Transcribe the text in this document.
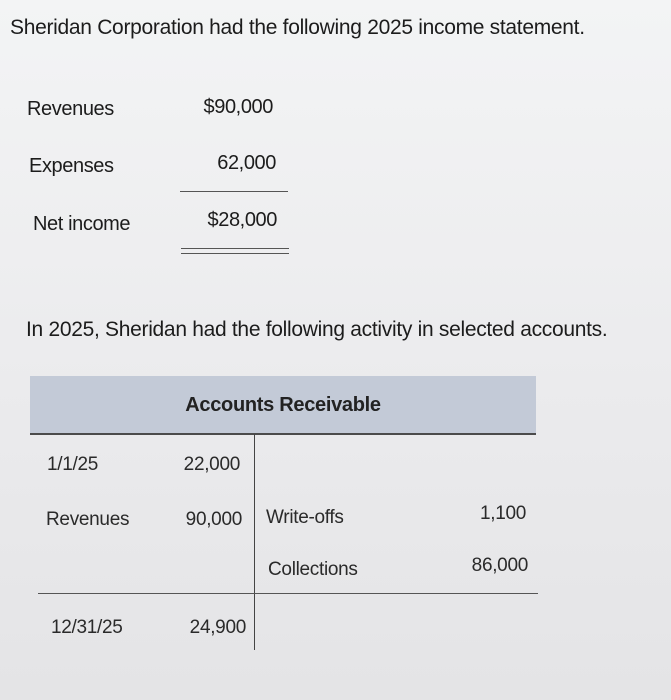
Sheridan Corporation had the following 2025 income statement.
Revenues	$90,000
Expenses	62,000
Net income	$28,000
In 2025, Sheridan had the following activity in selected accounts.
Accounts Receivable
1/1/25	22,000
Revenues	90,000 Write-offs	1,100
Collections	86,000
12/31/25	24,900
